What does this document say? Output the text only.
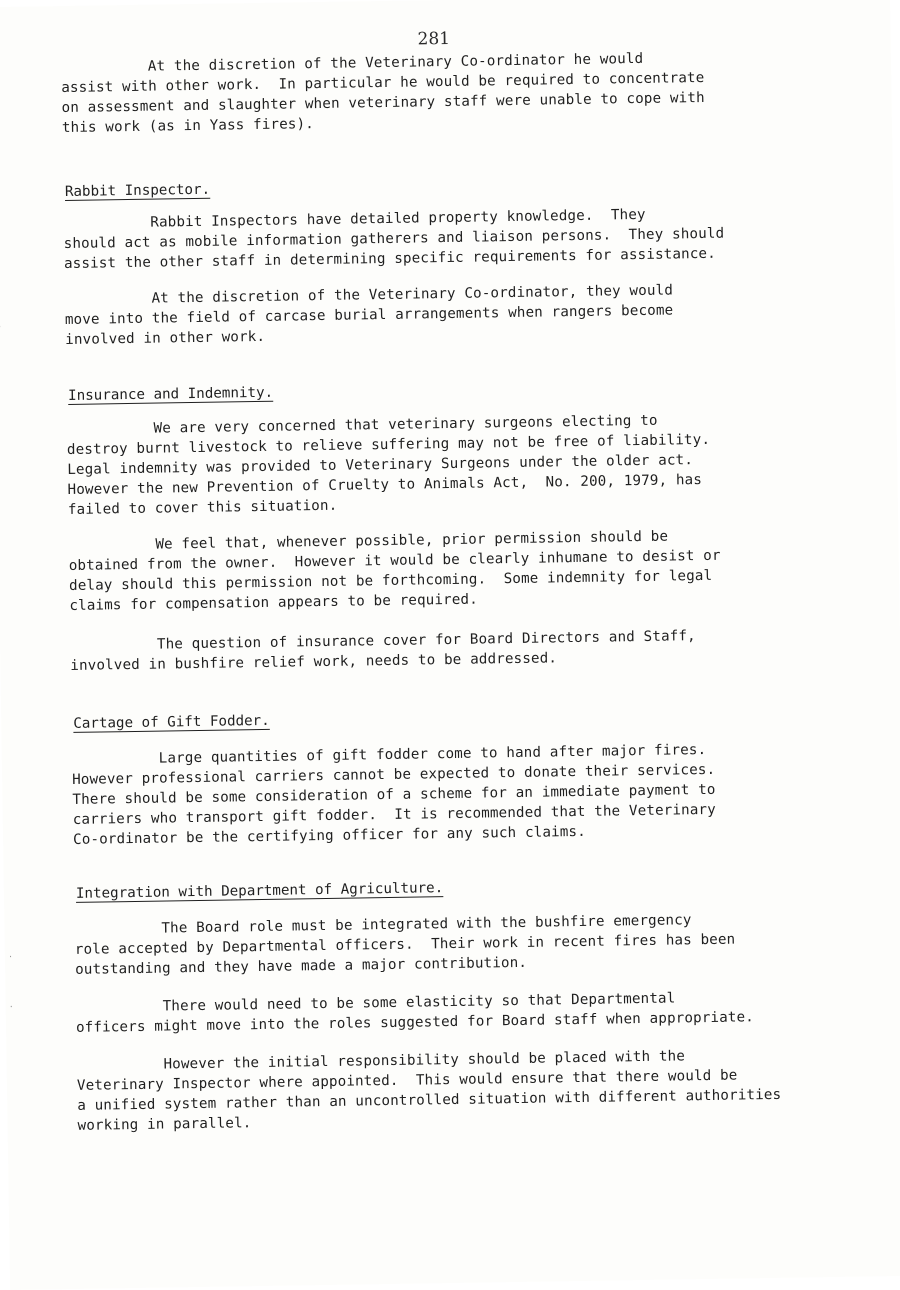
281
At the discretion of the Veterinary Co-ordinator he would
assist with other work.  In particular he would be required to concentrate
on assessment and slaughter when veterinary staff were unable to cope with
this work (as in Yass fires).
Rabbit Inspector.
Rabbit Inspectors have detailed property knowledge.  They
should act as mobile information gatherers and liaison persons.  They should
assist the other staff in determining specific requirements for assistance.
At the discretion of the Veterinary Co-ordinator, they would
move into the field of carcase burial arrangements when rangers become
involved in other work.
Insurance and Indemnity.
We are very concerned that veterinary surgeons electing to
destroy burnt livestock to relieve suffering may not be free of liability.
Legal indemnity was provided to Veterinary Surgeons under the older act.
However the new Prevention of Cruelty to Animals Act,  No. 200, 1979, has
failed to cover this situation.
We feel that, whenever possible, prior permission should be
obtained from the owner.  However it would be clearly inhumane to desist or
delay should this permission not be forthcoming.  Some indemnity for legal
claims for compensation appears to be required.
The question of insurance cover for Board Directors and Staff,
involved in bushfire relief work, needs to be addressed.
Cartage of Gift Fodder.
Large quantities of gift fodder come to hand after major fires.
However professional carriers cannot be expected to donate their services.
There should be some consideration of a scheme for an immediate payment to
carriers who transport gift fodder.  It is recommended that the Veterinary
Co-ordinator be the certifying officer for any such claims.
Integration with Department of Agriculture.
The Board role must be integrated with the bushfire emergency
role accepted by Departmental officers.  Their work in recent fires has been
outstanding and they have made a major contribution.
There would need to be some elasticity so that Departmental
officers might move into the roles suggested for Board staff when appropriate.
However the initial responsibility should be placed with the
Veterinary Inspector where appointed.  This would ensure that there would be
a unified system rather than an uncontrolled situation with different authorities
working in parallel.
·
·
